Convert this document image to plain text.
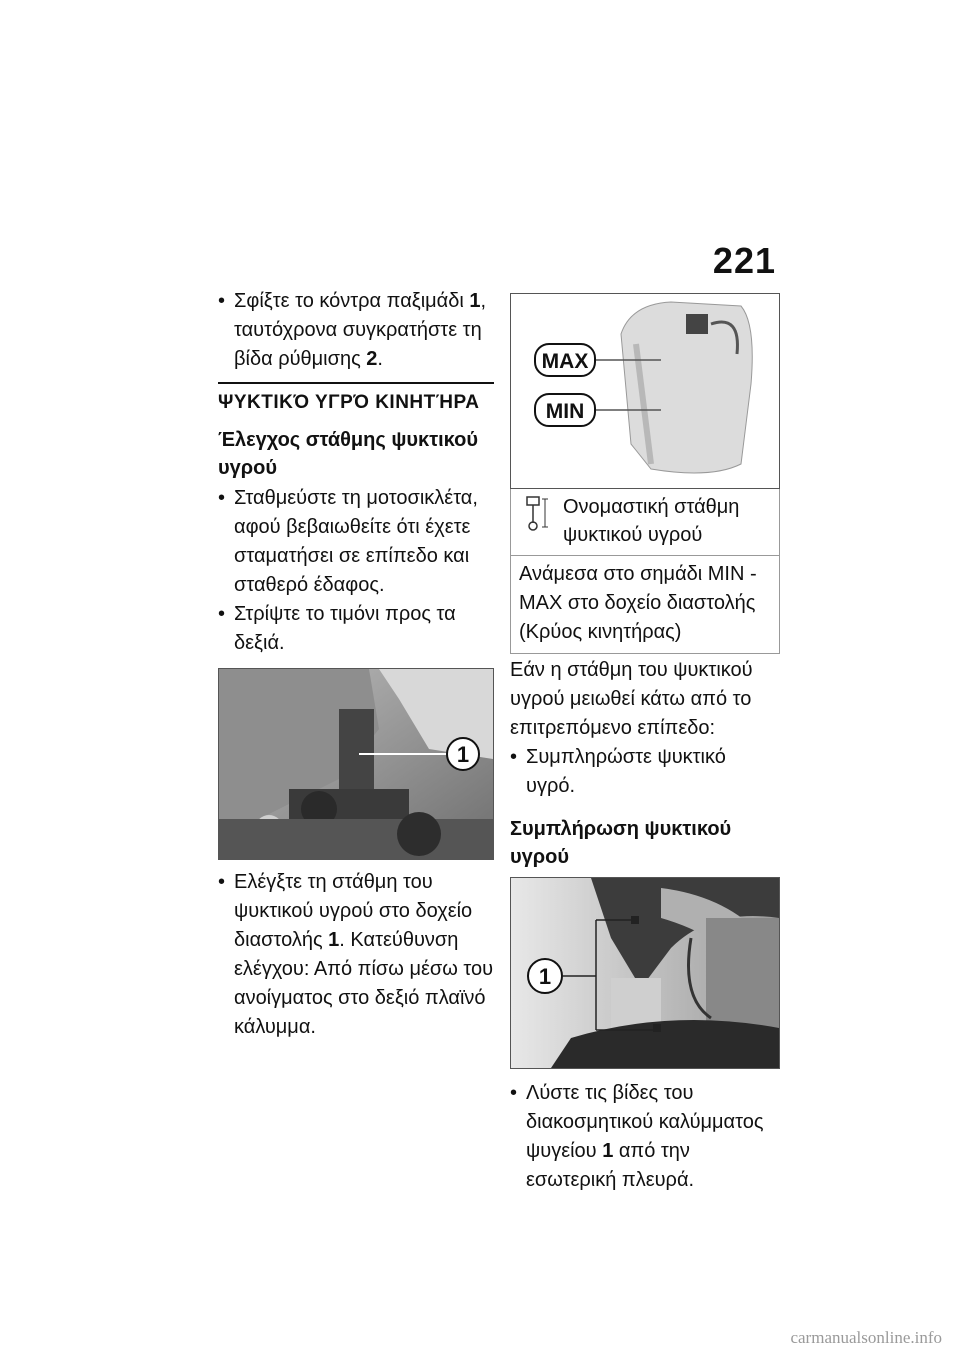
221

• Σφίξτε το κόντρα παξιμάδι 1, ταυτόχρονα συγκρατήστε τη βίδα ρύθμισης 2.

ΨΥΚΤΙΚΌ ΥΓΡΌ ΚΙΝΗΤΉΡΑ
Έλεγχος στάθμης ψυκτικού υγρού

• Σταθμεύστε τη μοτοσικλέτα, αφού βεβαιωθείτε ότι έχετε σταματήσει σε επίπεδο και σταθερό έδαφος.

• Στρίψτε το τιμόνι προς τα δεξιά.

1

• Ελέγξτε τη στάθμη του ψυκτικού υγρού στο δοχείο διαστολής 1. Κατεύθυνση ελέγχου: Από πίσω μέσω του ανοίγματος στο δεξιό πλαϊνό κάλυμμα.

MAX
MIN
Ονομαστική στάθμη ψυκτικού υγρού
Ανάμεσα στο σημάδι MIN - MAX στο δοχείο διαστολής (Κρύος κινητήρας)

Εάν η στάθμη του ψυκτικού υγρού μειωθεί κάτω από το επιτρεπόμενο επίπεδο:

• Συμπληρώστε ψυκτικό υγρό.

Συμπλήρωση ψυκτικού υγρού
1

• Λύστε τις βίδες του διακοσμητικού καλύμματος ψυγείου 1 από την εσωτερική πλευρά.

carmanualsonline.info
